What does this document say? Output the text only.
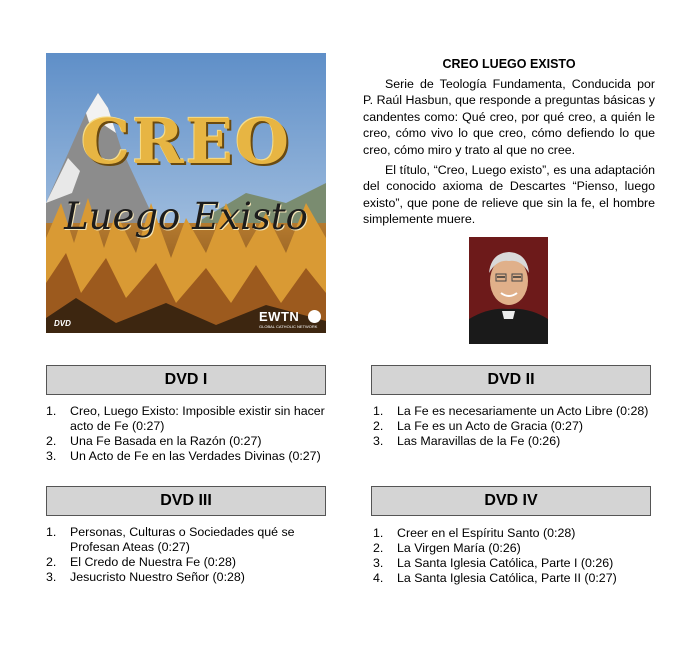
CREO
Luego Existo
DVD	EWTN
GLOBAL CATHOLIC NETWORK
CREO LUEGO EXISTO

Serie de Teología Fundamenta, Conducida por P. Raúl Hasbun, que responde a preguntas básicas y candentes como: Qué creo, por qué creo, a quién le creo, cómo vivo lo que creo, cómo defiendo lo que creo, cómo miro y trato al que no cree.

El título, “Creo, Luego existo”, es una adaptación del conocido axioma de Descartes “Pienso, luego existo”, que pone de relieve que sin la fe, el hombre simplemente muere.

DVD I
1. Creo, Luego Existo: Imposible existir sin hacer acto de Fe (0:27)
2. Una Fe Basada en la Razón (0:27)
3. Un Acto de Fe en las Verdades Divinas (0:27)
DVD II
1. La Fe es necesariamente un Acto Libre (0:28)
2. La Fe es un Acto de Gracia (0:27)
3. Las Maravillas de la Fe (0:26)
DVD III
1. Personas, Culturas o Sociedades qué se Profesan Ateas (0:27)
2. El Credo de Nuestra Fe (0:28)
3. Jesucristo Nuestro Señor (0:28)
DVD IV
1. Creer en el Espíritu Santo (0:28)
2. La Virgen María (0:26)
3. La Santa Iglesia Católica, Parte I (0:26)
4. La Santa Iglesia Católica, Parte II (0:27)
